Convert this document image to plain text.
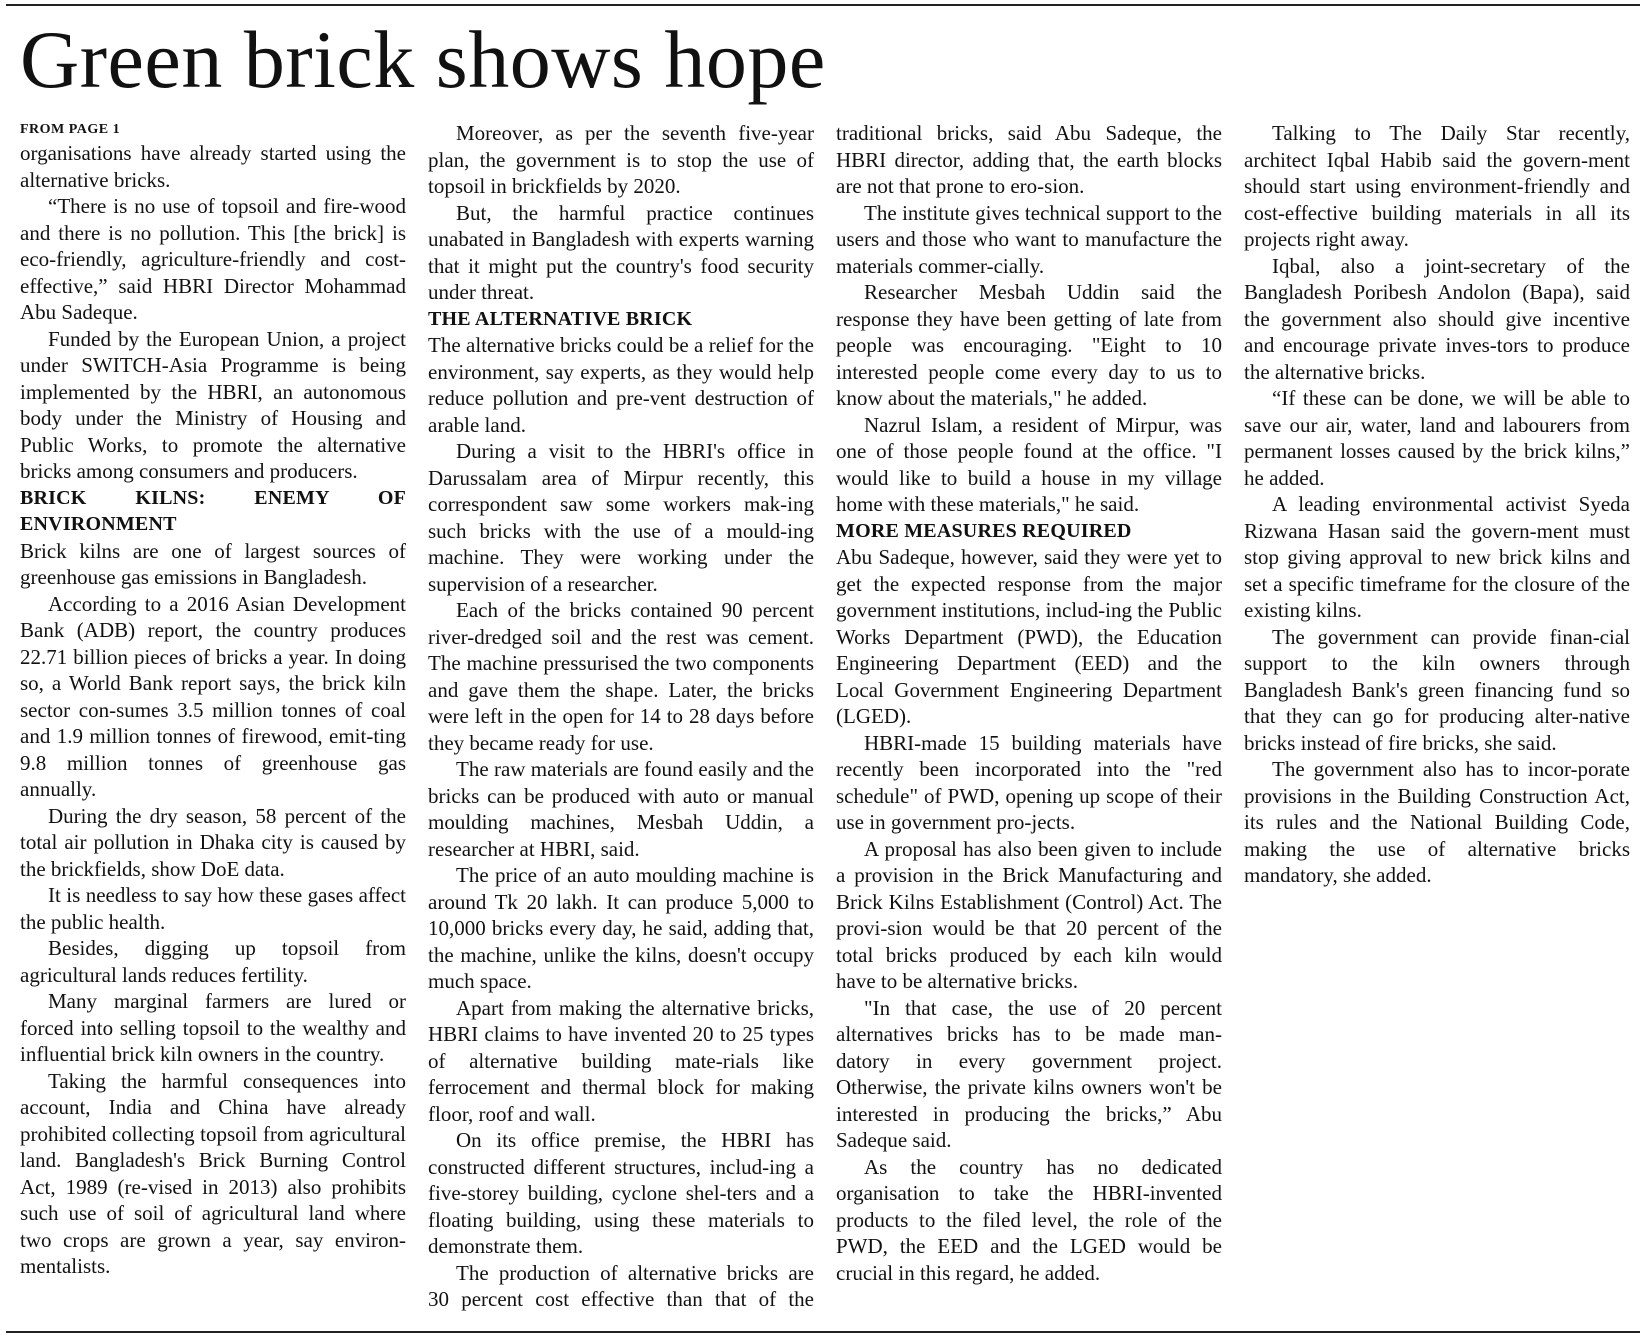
Green brick shows hope
FROM PAGE 1

organisations have already started using the alternative bricks.

“There is no use of topsoil and fire-wood and there is no pollution. This [the brick] is eco-friendly, agriculture-friendly and cost-effective,” said HBRI Director Mohammad Abu Sadeque.

Funded by the European Union, a project under SWITCH-Asia Programme is being implemented by the HBRI, an autonomous body under the Ministry of Housing and Public Works, to promote the alternative bricks among consumers and producers.

BRICK KILNS: ENEMY OF ENVIRONMENT

Brick kilns are one of largest sources of greenhouse gas emissions in Bangladesh.

According to a 2016 Asian Development Bank (ADB) report, the country produces 22.71 billion pieces of bricks a year. In doing so, a World Bank report says, the brick kiln sector con-sumes 3.5 million tonnes of coal and 1.9 million tonnes of firewood, emit-ting 9.8 million tonnes of greenhouse gas annually.

During the dry season, 58 percent of the total air pollution in Dhaka city is caused by the brickfields, show DoE data.

It is needless to say how these gases affect the public health.

Besides, digging up topsoil from agricultural lands reduces fertility.

Many marginal farmers are lured or forced into selling topsoil to the wealthy and influential brick kiln owners in the country.

Taking the harmful consequences into account, India and China have already prohibited collecting topsoil from agricultural land. Bangladesh's Brick Burning Control Act, 1989 (re-vised in 2013) also prohibits such use of soil of agricultural land where two crops are grown a year, say environ-mentalists.

Moreover, as per the seventh five-year plan, the government is to stop the use of topsoil in brickfields by 2020.

But, the harmful practice continues unabated in Bangladesh with experts warning that it might put the country's food security under threat.

THE ALTERNATIVE BRICK

The alternative bricks could be a relief for the environment, say experts, as they would help reduce pollution and pre-vent destruction of arable land.

During a visit to the HBRI's office in Darussalam area of Mirpur recently, this correspondent saw some workers mak-ing such bricks with the use of a mould-ing machine. They were working under the supervision of a researcher.

Each of the bricks contained 90 percent river-dredged soil and the rest was cement. The machine pressurised the two components and gave them the shape. Later, the bricks were left in the open for 14 to 28 days before they became ready for use.

The raw materials are found easily and the bricks can be produced with auto or manual moulding machines, Mesbah Uddin, a researcher at HBRI, said.

The price of an auto moulding machine is around Tk 20 lakh. It can produce 5,000 to 10,000 bricks every day, he said, adding that, the machine, unlike the kilns, doesn't occupy much space.

Apart from making the alternative bricks, HBRI claims to have invented 20 to 25 types of alternative building mate-rials like ferrocement and thermal block for making floor, roof and wall.

On its office premise, the HBRI has constructed different structures, includ-ing a five-storey building, cyclone shel-ters and a floating building, using these materials to demonstrate them.

The production of alternative bricks are 30 percent cost effective than that of the traditional bricks, said Abu Sadeque, the HBRI director, adding that, the earth blocks are not that prone to ero-sion.

The institute gives technical support to the users and those who want to manufacture the materials commer-cially.

Researcher Mesbah Uddin said the response they have been getting of late from people was encouraging. "Eight to 10 interested people come every day to us to know about the materials," he added.

Nazrul Islam, a resident of Mirpur, was one of those people found at the office. "I would like to build a house in my village home with these materials," he said.

MORE MEASURES REQUIRED

Abu Sadeque, however, said they were yet to get the expected response from the major government institutions, includ-ing the Public Works Department (PWD), the Education Engineering Department (EED) and the Local Government Engineering Department (LGED).

HBRI-made 15 building materials have recently been incorporated into the "red schedule" of PWD, opening up scope of their use in government pro-jects.

A proposal has also been given to include a provision in the Brick Manufacturing and Brick Kilns Establishment (Control) Act. The provi-sion would be that 20 percent of the total bricks produced by each kiln would have to be alternative bricks.

"In that case, the use of 20 percent alternatives bricks has to be made man-datory in every government project. Otherwise, the private kilns owners won't be interested in producing the bricks,” Abu Sadeque said.

As the country has no dedicated organisation to take the HBRI-invented products to the filed level, the role of the PWD, the EED and the LGED would be crucial in this regard, he added.

Talking to The Daily Star recently, architect Iqbal Habib said the govern-ment should start using environment-friendly and cost-effective building materials in all its projects right away.

Iqbal, also a joint-secretary of the Bangladesh Poribesh Andolon (Bapa), said the government also should give incentive and encourage private inves-tors to produce the alternative bricks.

“If these can be done, we will be able to save our air, water, land and labourers from permanent losses caused by the brick kilns,” he added.

A leading environmental activist Syeda Rizwana Hasan said the govern-ment must stop giving approval to new brick kilns and set a specific timeframe for the closure of the existing kilns.

The government can provide finan-cial support to the kiln owners through Bangladesh Bank's green financing fund so that they can go for producing alter-native bricks instead of fire bricks, she said.

The government also has to incor-porate provisions in the Building Construction Act, its rules and the National Building Code, making the use of alternative bricks mandatory, she added.
